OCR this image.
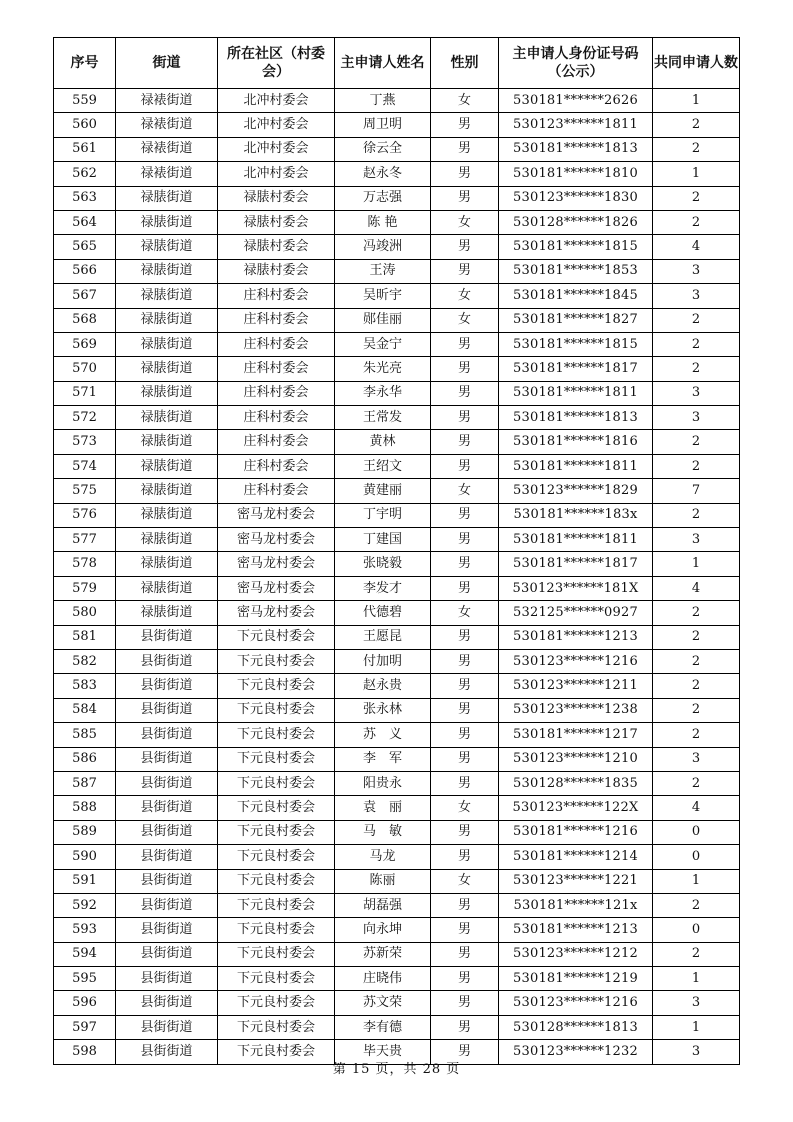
序号	街道	所在社区（村委会）	主申请人姓名	性别	主申请人身份证号码（公示）	共同申请人数
559	禄裱街道	北冲村委会	丁燕	女	530181******2626	1
560	禄裱街道	北冲村委会	周卫明	男	530123******1811	2
561	禄裱街道	北冲村委会	徐云全	男	530181******1813	2
562	禄裱街道	北冲村委会	赵永冬	男	530181******1810	1
563	禄脿街道	禄脿村委会	万志强	男	530123******1830	2
564	禄脿街道	禄脿村委会	陈 艳	女	530128******1826	2
565	禄脿街道	禄脿村委会	冯竣洲	男	530181******1815	4
566	禄脿街道	禄脿村委会	王涛	男	530181******1853	3
567	禄脿街道	庄科村委会	吴昕宇	女	530181******1845	3
568	禄脿街道	庄科村委会	郧佳丽	女	530181******1827	2
569	禄脿街道	庄科村委会	吴金宁	男	530181******1815	2
570	禄脿街道	庄科村委会	朱光亮	男	530181******1817	2
571	禄脿街道	庄科村委会	李永华	男	530181******1811	3
572	禄脿街道	庄科村委会	王常发	男	530181******1813	3
573	禄脿街道	庄科村委会	黄林	男	530181******1816	2
574	禄脿街道	庄科村委会	王绍文	男	530181******1811	2
575	禄脿街道	庄科村委会	黄建丽	女	530123******1829	7
576	禄脿街道	密马龙村委会	丁宇明	男	530181******183x	2
577	禄脿街道	密马龙村委会	丁建国	男	530181******1811	3
578	禄脿街道	密马龙村委会	张晓毅	男	530181******1817	1
579	禄脿街道	密马龙村委会	李发才	男	530123******181X	4
580	禄脿街道	密马龙村委会	代德碧	女	532125******0927	2
581	县街街道	下元良村委会	王愿昆	男	530181******1213	2
582	县街街道	下元良村委会	付加明	男	530123******1216	2
583	县街街道	下元良村委会	赵永贵	男	530123******1211	2
584	县街街道	下元良村委会	张永林	男	530123******1238	2
585	县街街道	下元良村委会	苏　义	男	530181******1217	2
586	县街街道	下元良村委会	李　军	男	530123******1210	3
587	县街街道	下元良村委会	阳贵永	男	530128******1835	2
588	县街街道	下元良村委会	袁　丽	女	530123******122X	4
589	县街街道	下元良村委会	马　敏	男	530181******1216	0
590	县街街道	下元良村委会	马龙	男	530181******1214	0
591	县街街道	下元良村委会	陈丽	女	530123******1221	1
592	县街街道	下元良村委会	胡磊强	男	530181******121x	2
593	县街街道	下元良村委会	向永坤	男	530181******1213	0
594	县街街道	下元良村委会	苏新荣	男	530123******1212	2
595	县街街道	下元良村委会	庄晓伟	男	530181******1219	1
596	县街街道	下元良村委会	苏文荣	男	530123******1216	3
597	县街街道	下元良村委会	李有德	男	530128******1813	1
598	县街街道	下元良村委会	毕天贵	男	530123******1232	3
第 15 页，共 28 页
